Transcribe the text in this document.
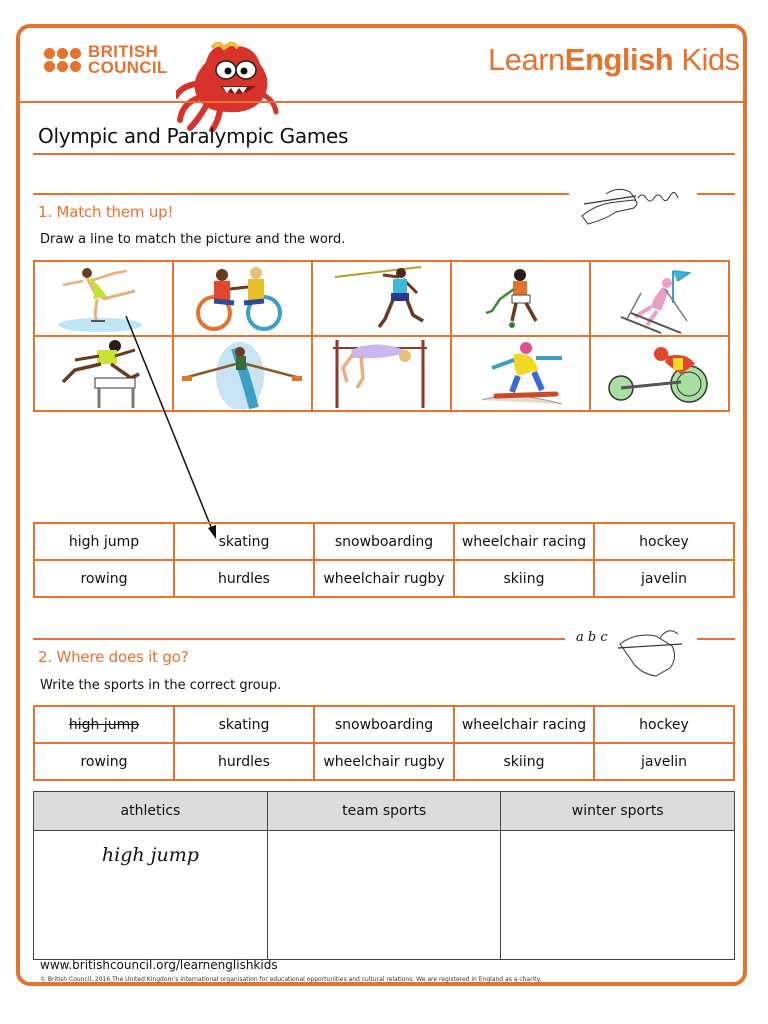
BRITISH
COUNCIL	LearnEnglish Kids
Olympic and Paralympic Games
1. Match them up!
Draw a line to match the picture and the word.

high jump	skating	snowboarding	wheelchair racing	hockey
rowing	hurdles	wheelchair rugby	skiing	javelin
a b c
2. Where does it go?
Write the sports in the correct group.
high jump	skating	snowboarding	wheelchair racing	hockey
rowing	hurdles	wheelchair rugby	skiing	javelin
athletics	team sports	winter sports
high jump		
www.britishcouncil.org/learnenglishkids
© British Council, 2016 The United Kingdom’s international organisation for educational opportunities and cultural relations. We are registered in England as a charity.
